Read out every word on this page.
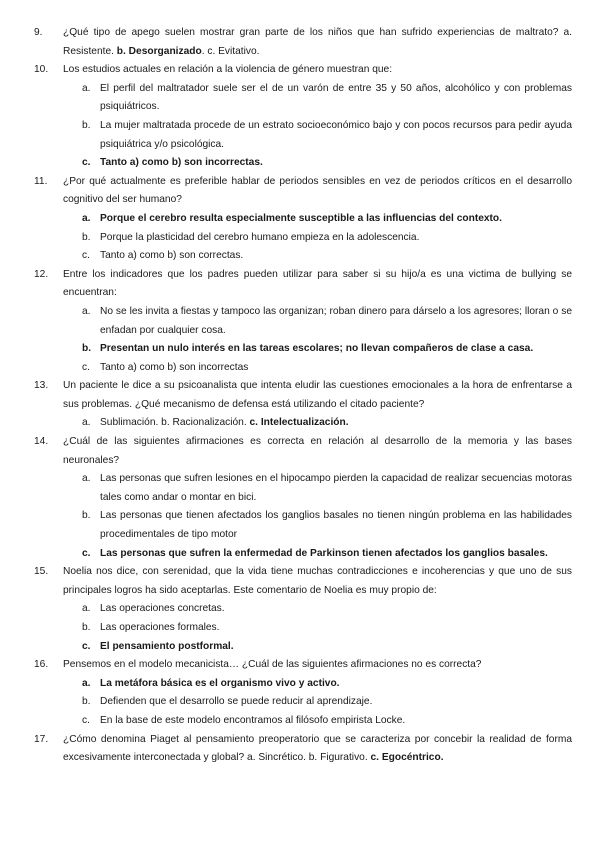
9.	¿Qué tipo de apego suelen mostrar gran parte de los niños que han sufrido experiencias de maltrato? a. Resistente. b. Desorganizado. c. Evitativo.
10.	Los estudios actuales en relación a la violencia de género muestran que:
a. El perfil del maltratador suele ser el de un varón de entre 35 y 50 años, alcohólico y con problemas psiquiátricos.
b. La mujer maltratada procede de un estrato socioeconómico bajo y con pocos recursos para pedir ayuda psiquiátrica y/o psicológica.
c. Tanto a) como b) son incorrectas.
11.	¿Por qué actualmente es preferible hablar de periodos sensibles en vez de periodos críticos en el desarrollo cognitivo del ser humano?
a. Porque el cerebro resulta especialmente susceptible a las influencias del contexto.
b. Porque la plasticidad del cerebro humano empieza en la adolescencia.
c. Tanto a) como b) son correctas.
12.	Entre los indicadores que los padres pueden utilizar para saber si su hijo/a es una victima de bullying se encuentran:
a. No se les invita a fiestas y tampoco las organizan; roban dinero para dárselo a los agresores; lloran o se enfadan por cualquier cosa.
b. Presentan un nulo interés en las tareas escolares; no llevan compañeros de clase a casa.
c. Tanto a) como b) son incorrectas
13.	Un paciente le dice a su psicoanalista que intenta eludir las cuestiones emocionales a la hora de enfrentarse a sus problemas. ¿Qué mecanismo de defensa está utilizando el citado paciente?
a. Sublimación. b. Racionalización. c. Intelectualización.
14.	¿Cuál de las siguientes afirmaciones es correcta en relación al desarrollo de la memoria y las bases neuronales?
a. Las personas que sufren lesiones en el hipocampo pierden la capacidad de realizar secuencias motoras tales como andar o montar en bici.
b. Las personas que tienen afectados los ganglios basales no tienen ningún problema en las habilidades procedimentales de tipo motor
c. Las personas que sufren la enfermedad de Parkinson tienen afectados los ganglios basales.
15.	Noelia nos dice, con serenidad, que la vida tiene muchas contradicciones e incoherencias y que uno de sus principales logros ha sido aceptarlas. Este comentario de Noelia es muy propio de:
a. Las operaciones concretas.
b. Las operaciones formales.
c. El pensamiento postformal.
16.	Pensemos en el modelo mecanicista… ¿Cuál de las siguientes afirmaciones no es correcta?
a. La metáfora básica es el organismo vivo y activo.
b. Defienden que el desarrollo se puede reducir al aprendizaje.
c. En la base de este modelo encontramos al filósofo empirista Locke.
17.	¿Cómo denomina Piaget al pensamiento preoperatorio que se caracteriza por concebir la realidad de forma excesivamente interconectada y global? a. Sincrético. b. Figurativo. c. Egocéntrico.
